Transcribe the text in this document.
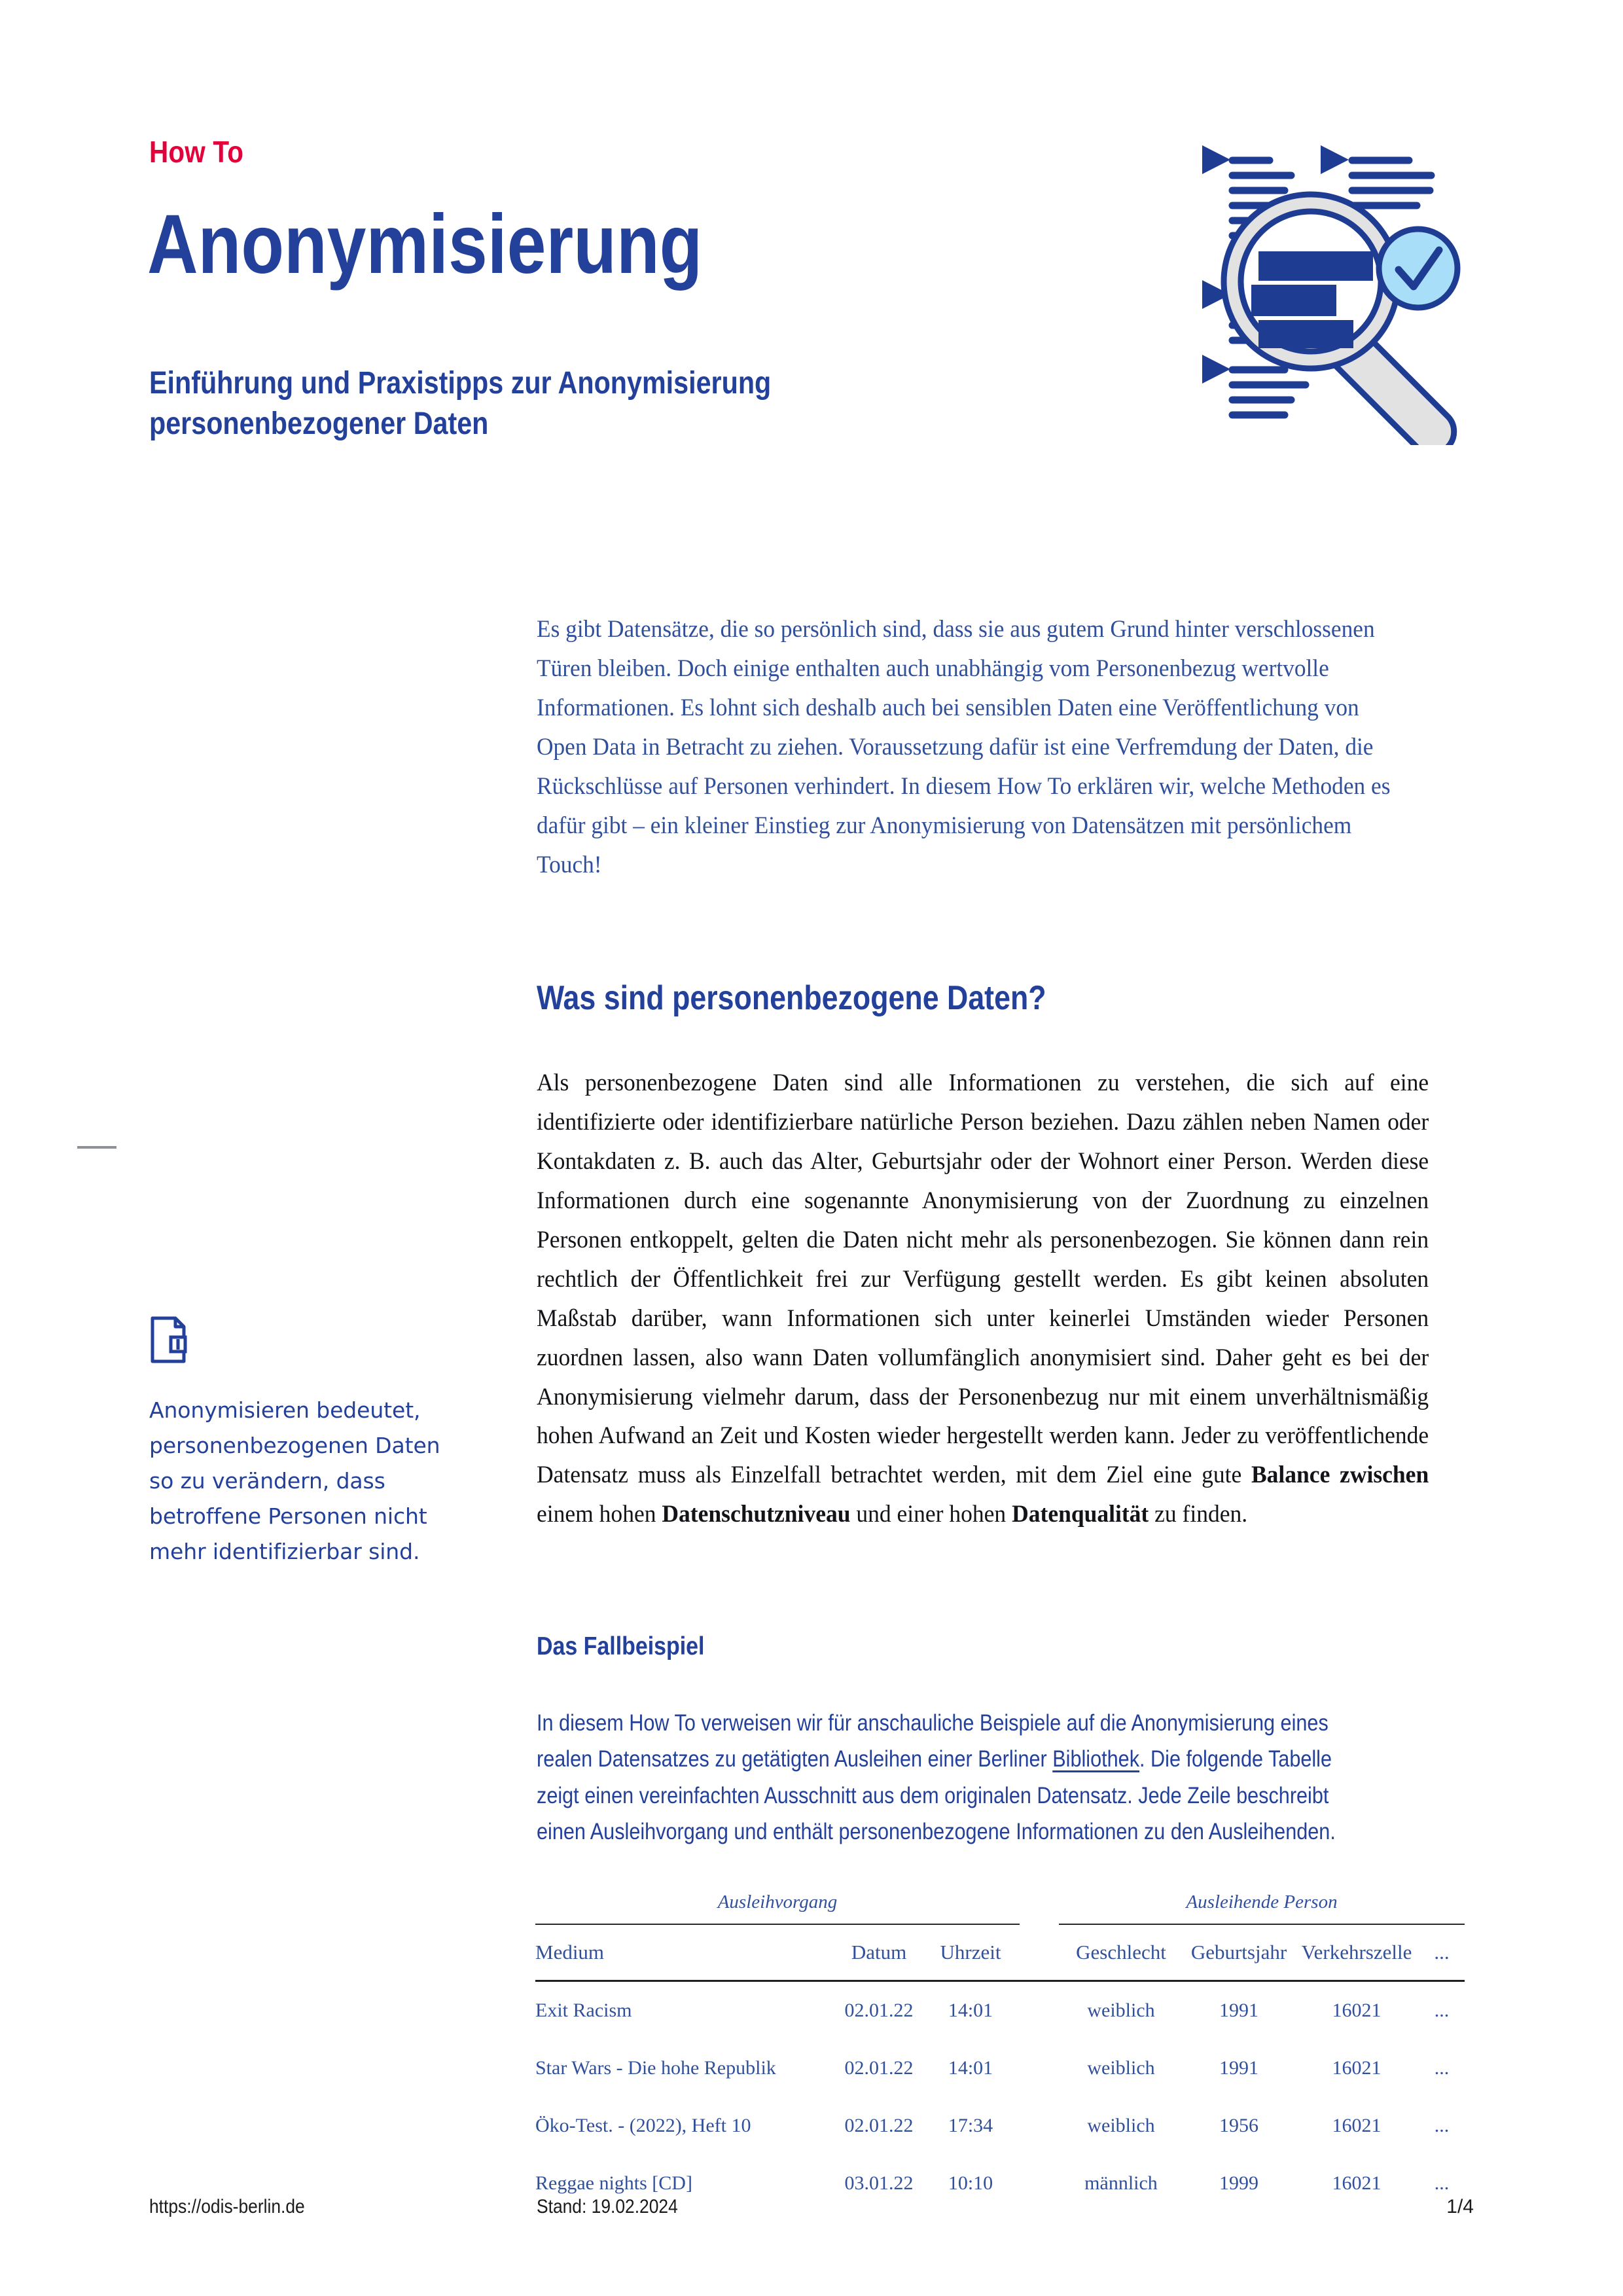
How To
Anonymisierung
Einführung und Praxistipps zur Anonymisierung personenbezogener Daten
Anonymisieren bedeutet, personenbezogenen Daten so zu verändern, dass betroffene Personen nicht mehr identifizierbar sind.

Es gibt Datensätze, die so persönlich sind, dass sie aus gutem Grund hinter verschlossenen Türen bleiben. Doch einige enthalten auch unabhängig vom Personenbezug wertvolle Informationen. Es lohnt sich deshalb auch bei sensiblen Daten eine Veröffentlichung von Open Data in Betracht zu ziehen. Voraussetzung dafür ist eine Verfremdung der Daten, die Rückschlüsse auf Personen verhindert. In diesem How To erklären wir, welche Methoden es dafür gibt – ein kleiner Einstieg zur Anonymisierung von Datensätzen mit persönlichem Touch!

Was sind personenbezogene Daten?

Als personenbezogene Daten sind alle Informationen zu verstehen, die sich auf eine identifizierte oder identifizierbare natürliche Person beziehen. Dazu zählen neben Namen oder Kontakdaten z. B. auch das Alter, Geburtsjahr oder der Wohnort einer Person. Werden diese Informationen durch eine sogenannte Anonymisierung von der Zuordnung zu einzelnen Personen entkoppelt, gelten die Daten nicht mehr als personenbezogen. Sie können dann rein rechtlich der Öffentlichkeit frei zur Verfügung gestellt werden. Es gibt keinen absoluten Maßstab darüber, wann Informationen sich unter keinerlei Umständen wieder Personen zuordnen lassen, also wann Daten vollumfänglich anonymisiert sind. Daher geht es bei der Anonymisierung vielmehr darum, dass der Personenbezug nur mit einem unverhältnismäßig hohen Aufwand an Zeit und Kosten wieder hergestellt werden kann. Jeder zu veröffentlichende Datensatz muss als Einzelfall betrachtet werden, mit dem Ziel eine gute Balance zwischen einem hohen Datenschutzniveau und einer hohen Datenqualität zu finden.

Das Fallbeispiel

In diesem How To verweisen wir für anschauliche Beispiele auf die Anonymisierung eines realen Datensatzes zu getätigten Ausleihen einer Berliner Bibliothek. Die folgende Tabelle zeigt einen vereinfachten Ausschnitt aus dem originalen Datensatz. Jede Zeile beschreibt einen Ausleihvorgang und enthält personenbezogene Informationen zu den Ausleihenden.

Ausleihvorgang				Ausleihende Person			

Medium	Datum	Uhrzeit		Geschlecht	Geburtsjahr	Verkehrszelle	...

Exit Racism	02.01.22	14:01		weiblich	1991	16021	...
Star Wars - Die hohe Republik	02.01.22	14:01		weiblich	1991	16021	...
Öko-Test. - (2022), Heft 10	02.01.22	17:34		weiblich	1956	16021	...
Reggae nights [CD]	03.01.22	10:10		männlich	1999	16021	...
https://odis-berlin.de	Stand: 19.02.2024	1/4
